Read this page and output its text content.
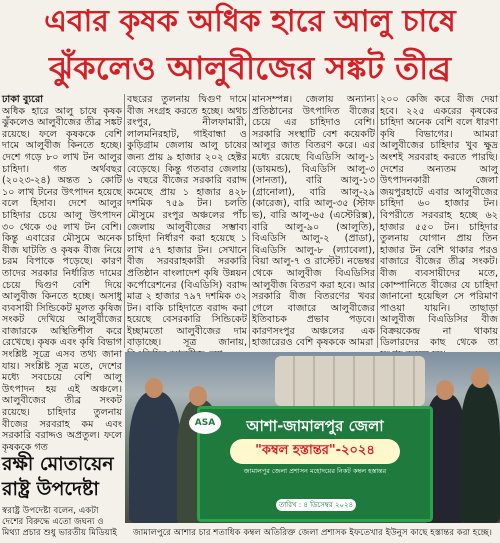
এবার কৃষক অধিক হারে আলু চাষে
ঝুঁকলেও আলুবীজের সঙ্কট তীব্র
ঢাকা ব্যুরো
অধিক হারে আলু চাষে কৃষক ঝুঁকলেও আলুবীজের তীব্র সঙ্কট রয়েছে। ফলে কৃষককে বেশি দামে আলুবীজ কিনতে হচ্ছে। দেশে গড়ে ৮০ লাখ টন আলুর চাহিদা। গত অর্থবছর (২০২৩-২৪) অন্তত ১ কোটি ১০ লাখ টনের উৎপাদন হয়েছে বলে হিসাব। দেশে আলুর চাহিদার চেয়ে আলু উৎপাদন ৩০ থেকে ৩৫ লাখ টন বেশি। কিন্তু এবারের মৌসুমে অনেক বীজ ঘাটতি ও কৃষক বীজ নিয়ে চরম বিপাকে পড়েছে। কারণ তাদের সরকার নির্ধারিত দামের চেয়ে দ্বিগুণ বেশি দিয়ে আলুবীজ কিনতে হচ্ছে। অসাধু ব্যবসায়ী সিন্ডিকেট মূলত কৃষিজ সংকট দেখিয়ে আলুবীজের বাজারকে অস্থিতিশীল করে রেখেছে। কৃষক এবং কৃষি বিভাগ সংশ্লিষ্ট সূত্রে এসব তথ্য জানা যায়। সংশ্লিষ্ট সূত্র মতে, দেশের মধ্যে সবচেয়ে বেশি আলু উৎপাদন হয় এই অঞ্চলে। আলুবীজের তীব্র সংকট রয়েছে। চাহিদার তুলনায় বীজের সরবরাহ কম এবং সরকারি বরাদ্দও অপ্রতুল। ফলে কৃষককে গত
বছরের তুলনায় দ্বিগুণ দামে বীজ সংগ্রহ করতে হচ্ছে। অথচ রংপুর, নীলফামারী, লালমনিরহাট, গাইবান্ধা ও কুড়িগ্রাম জেলায় আলু চাষের জন্য প্রায় ৯ হাজার ২০২ হেক্টর বেড়েছে। কিন্তু গতবার জেলায় ৬ বছরে বীজের সরকারি বরাদ্দ কমেছে প্রায় ১ হাজার ৪২৮ দশমিক ৭৫৯ টন। চলতি মৌসুমে রংপুর অঞ্চলের পাঁচ জেলায় আলুবীজের সম্ভাব্য চাহিদা নির্ধারণ করা হয়েছে ১ লাখ ৫৭ হাজার টন। সেখানে বীজ সরবরাহকারী সরকারি প্রতিষ্ঠান বাংলাদেশ কৃষি উন্নয়ন কর্পোরেশনের (বিএডিসি) বরাদ্দ মাত্র ২ হাজার ৭৯৭ দশমিক ৩২ টন। বাকি চাহিদাতে বরাদ্দ করা হয়েছে বেসরকারি সিন্ডিকেট ইচ্ছামতো আলুবীজের দাম বাড়াচ্ছে। সূত্র জানায়,
মানসম্পন্ন। জেলায় অন্যান্য প্রতিষ্ঠানের উৎপাদিত বীজের চেয়ে এর চাহিদাও বেশি। সরকারি সংস্থাটি বেশ কয়েকটি আলুর জাত বিতরণ করে। এর মধ্যে রয়েছে বিএডিসি আলু-১ (ডায়মন্ড), বিএডিসি আলু-৩ (সানতা), বারি আলু-১৩ (গ্রানোলা), বারি আলু-২৯ (কারেজ), বারি আলু-৩৫ (স্টাফ ভ), বারি আলু-৬৫ (এস্টেরিক্স), বারি আলু-৯০ (আলুতি), বিএডিসি আলু-২ (প্রাডা), বিএডিসি আলু-৮ (ল্যাবেলা), বিয়া আলু-৭ ও রাস্টেট। নভেম্বর থেকে আলুবীজ বিএডিসির আলুবীজ বিতরণ করা হবে। আর সরকারি বীজ বিতরণের খবর গেলে বাজারে আলুবীজের ইতিবাচক প্রভাব পড়বে। কারণসংপুর অঞ্চলের এক হাজারেরও বেশি কৃষককে আমরা
২০০ কেজি করে বীজ দেয়া হবে। ২২৫ একরের কৃষকের চাহিদা অনেক বেশি বলে ধারণা কৃষি বিভাগের। আমরা আলুবীজের চাহিদার খুব ক্ষুদ্র অংশই সরবরাহ করতে পারছি। দেশের অন্যতম আলু উৎপাদনকারী জেলা জয়পুরহাটে এবার আলুবীজের চাহিদা ৬০ হাজার টন। বিপরীতে সরবরাহ হচ্ছে ৬২ হাজার ৫৫০ টন। চাহিদার তুলনায় যোগান প্রায় তিন হাজার টন বেশি থাকার পরও বাজারে বীজের তীব্র সংকট। বীজ ব্যবসায়ীদের মতে, কোম্পানিতে বীজের যে চাহিদা জানানো হয়েছিল সে পরিমাণ পাওয়া যায়নি। তাছাড়া আলুবীজ বিএডিসির বীজ বিক্রয়কেন্দ্র না থাকায় ডিলারদের কাছ থেকে তা
আশা-জামালপুর জেলা
"কম্বল হস্তান্তর"-২০২৪
জামালপুর জেলা প্রশাসন মহোদয়ের নিকট কম্বল হস্তান্তর
তারিখ : ৪ ডিসেম্বর ২০২৪
ASA
জামালপুরে আশার চার শতাধিক কম্বল অতিরিক্ত জেলা প্রশাসক ইফতেখার ইউনুস কাছে হস্তান্তর করা হচ্ছে।
রক্ষী মোতায়েন রাষ্ট্র উপদেষ্টা
স্বরাষ্ট্র উপদেষ্টা বলেন, একটা দেশের বিরুদ্ধে এতো জঘন্য ও মিথ্যা প্রচার শুধু ভারতীয় মিডিয়াই
